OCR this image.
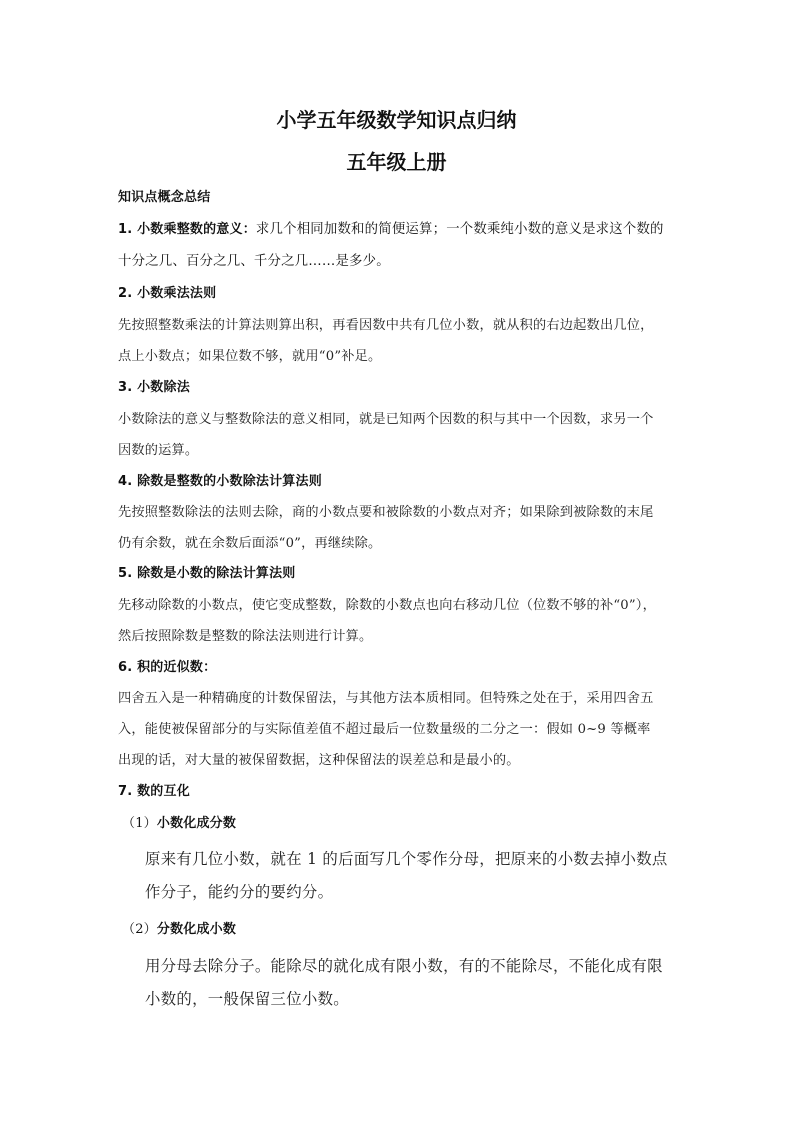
小学五年级数学知识点归纳
五年级上册
知识点概念总结
1. 小数乘整数的意义：求几个相同加数和的简便运算；一个数乘纯小数的意义是求这个数的
十分之几、百分之几、千分之几……是多少。
2. 小数乘法法则
先按照整数乘法的计算法则算出积，再看因数中共有几位小数，就从积的右边起数出几位，
点上小数点；如果位数不够，就用“0”补足。
3. 小数除法
小数除法的意义与整数除法的意义相同，就是已知两个因数的积与其中一个因数，求另一个
因数的运算。
4. 除数是整数的小数除法计算法则
先按照整数除法的法则去除，商的小数点要和被除数的小数点对齐；如果除到被除数的末尾
仍有余数，就在余数后面添“0”，再继续除。
5. 除数是小数的除法计算法则
先移动除数的小数点，使它变成整数，除数的小数点也向右移动几位（位数不够的补“0”），
然后按照除数是整数的除法法则进行计算。
6. 积的近似数：
四舍五入是一种精确度的计数保留法，与其他方法本质相同。但特殊之处在于，采用四舍五
入，能使被保留部分的与实际值差值不超过最后一位数量级的二分之一：假如 0~9 等概率
出现的话，对大量的被保留数据，这种保留法的误差总和是最小的。
7. 数的互化
（1）小数化成分数
原来有几位小数，就在 1 的后面写几个零作分母，把原来的小数去掉小数点
作分子，能约分的要约分。
（2）分数化成小数
用分母去除分子。能除尽的就化成有限小数，有的不能除尽，不能化成有限
小数的，一般保留三位小数。
